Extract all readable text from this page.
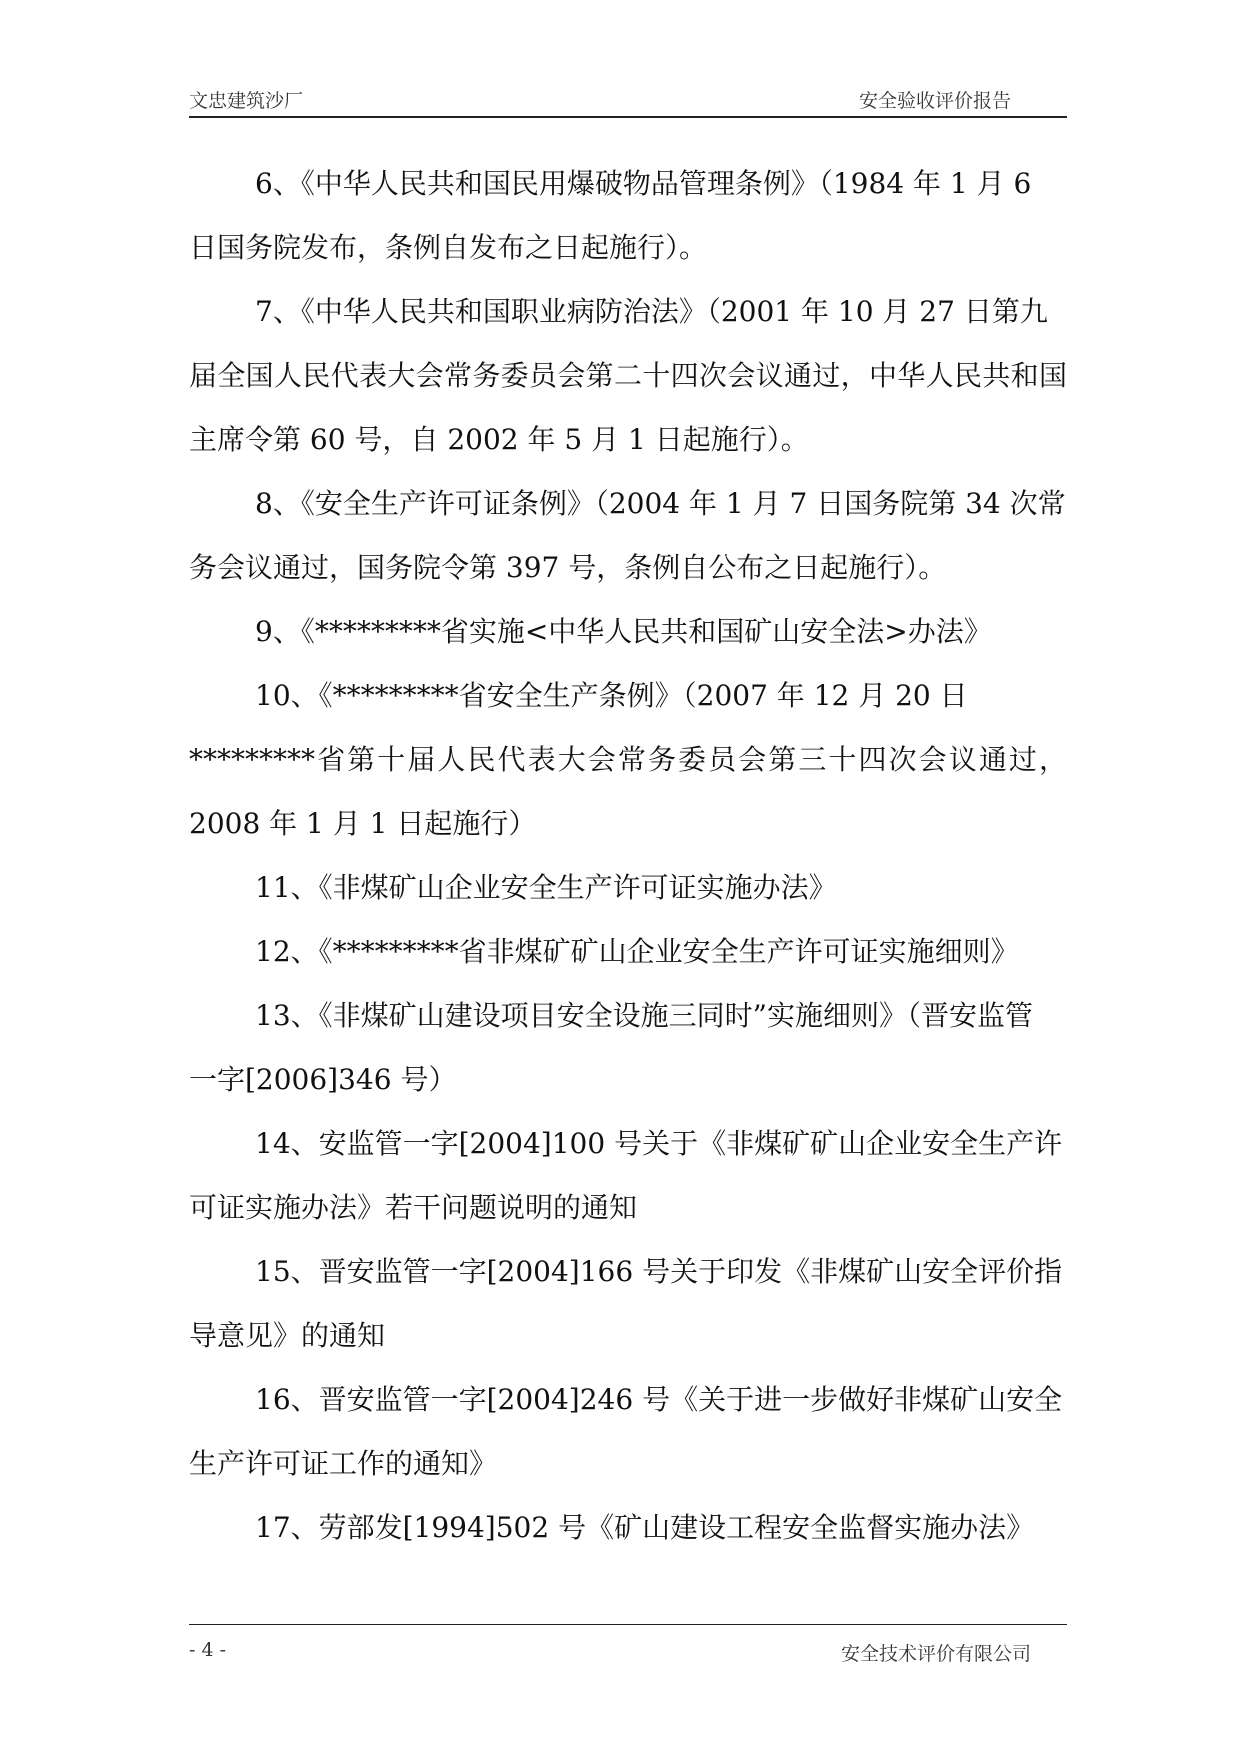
文忠建筑沙厂	安全验收评价报告

6、《中华人民共和国民用爆破物品管理条例》（1984 年 1 月 6
日国务院发布，条例自发布之日起施行）。

7、《中华人民共和国职业病防治法》（2001 年 10 月 27 日第九
届全国人民代表大会常务委员会第二十四次会议通过，中华人民共和国主席令第 60 号，自 2002 年 5 月 1 日起施行）。

8、《安全生产许可证条例》（2004 年 1 月 7 日国务院第 34 次常
务会议通过，国务院令第 397 号，条例自公布之日起施行）。

9、《*********省实施<中华人民共和国矿山安全法>办法》

10、《*********省安全生产条例》（2007 年 12 月 20 日
*********省第十届人民代表大会常务委员会第三十四次会议通过，2008 年 1 月 1 日起施行）

11、《非煤矿山企业安全生产许可证实施办法》

12、《*********省非煤矿矿山企业安全生产许可证实施细则》

13、《非煤矿山建设项目安全设施三同时”实施细则》（晋安监管
一字[2006]346 号）

14、安监管一字[2004]100 号关于《非煤矿矿山企业安全生产许
可证实施办法》若干问题说明的通知

15、晋安监管一字[2004]166 号关于印发《非煤矿山安全评价指
导意见》的通知

16、晋安监管一字[2004]246 号《关于进一步做好非煤矿山安全
生产许可证工作的通知》

17、劳部发[1994]502 号《矿山建设工程安全监督实施办法》

- 4 -	安全技术评价有限公司
